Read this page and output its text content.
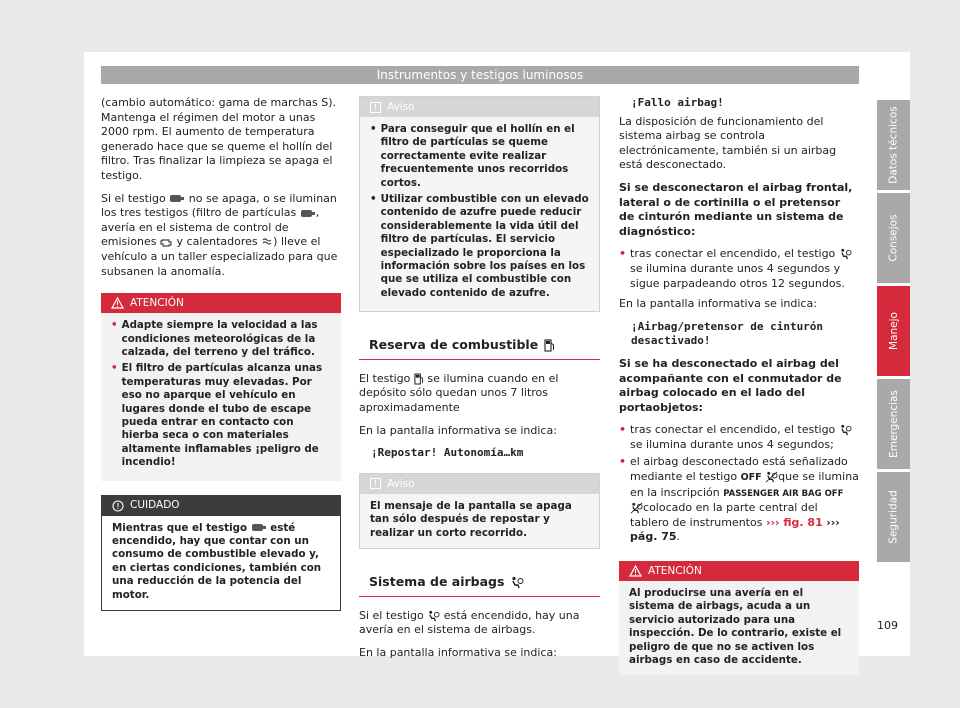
Instrumentos y testigos luminosos

(cambio automático: gama de marchas S). Mantenga el régimen del motor a unas 2000 rpm. El aumento de temperatura generado hace que se queme el hollín del filtro. Tras finalizar la limpieza se apaga el testigo.

Si el testigo no se apaga, o se iluminan los tres testigos (filtro de partículas , avería en el sistema de control de emisiones y calentadores ) lleve el vehículo a un taller especializado para que subsanen la anomalía.

ATENCIÓN
• Adapte siempre la velocidad a las condiciones meteorológicas de la calzada, del terreno y del tráfico.
• El filtro de partículas alcanza unas temperaturas muy elevadas. Por eso no aparque el vehículo en lugares donde el tubo de escape pueda entrar en contacto con hierba seca o con materiales altamente inflamables ¡peligro de incendio!
CUIDADO
Mientras que el testigo esté encendido, hay que contar con un consumo de combustible elevado y, en ciertas condiciones, también con una reducción de la potencia del motor.
Aviso
• Para conseguir que el hollín en el filtro de partículas se queme correctamente evite realizar frecuentemente unos recorridos cortos.
• Utilizar combustible con un elevado contenido de azufre puede reducir considerablemente la vida útil del filtro de partículas. El servicio especializado le proporciona la información sobre los países en los que se utiliza el combustible con elevado contenido de azufre.
Reserva de combustible

El testigo se ilumina cuando en el depósito sólo quedan unos 7 litros aproximadamente

En la pantalla informativa se indica:

¡Repostar! Autonomía…km

Aviso
El mensaje de la pantalla se apaga tan sólo después de repostar y realizar un corto recorrido.
Sistema de airbags

Si el testigo está encendido, hay una avería en el sistema de airbags.

En la pantalla informativa se indica:

¡Fallo airbag!

La disposición de funcionamiento del sistema airbag se controla electrónicamente, también si un airbag está desconectado.

Si se desconectaron el airbag frontal, lateral o de cortinilla o el pretensor de cinturón mediante un sistema de diagnóstico:

• tras conectar el encendido, el testigo  se ilumina durante unos 4 segundos y sigue parpadeando otros 12 segundos.

En la pantalla informativa se indica:

¡Airbag/pretensor de cinturón desactivado!

Si se ha desconectado el airbag del acompañante con el conmutador de airbag colocado en el lado del portaobjetos:

• tras conectar el encendido, el testigo  se ilumina durante unos 4 segundos;
• el airbag desconectado está señalizado mediante el testigo OFF que se ilumina en la inscripción PASSENGER AIR BAG OFF colocado en la parte central del tablero de instrumentos ››› fig. 81 ››› pág. 75.
ATENCIÓN
Al producirse una avería en el sistema de airbags, acuda a un servicio autorizado para una inspección. De lo contrario, existe el peligro de que no se activen los airbags en caso de accidente.
Datos técnicos
Consejos
Manejo
Emergencias
Seguridad
109
